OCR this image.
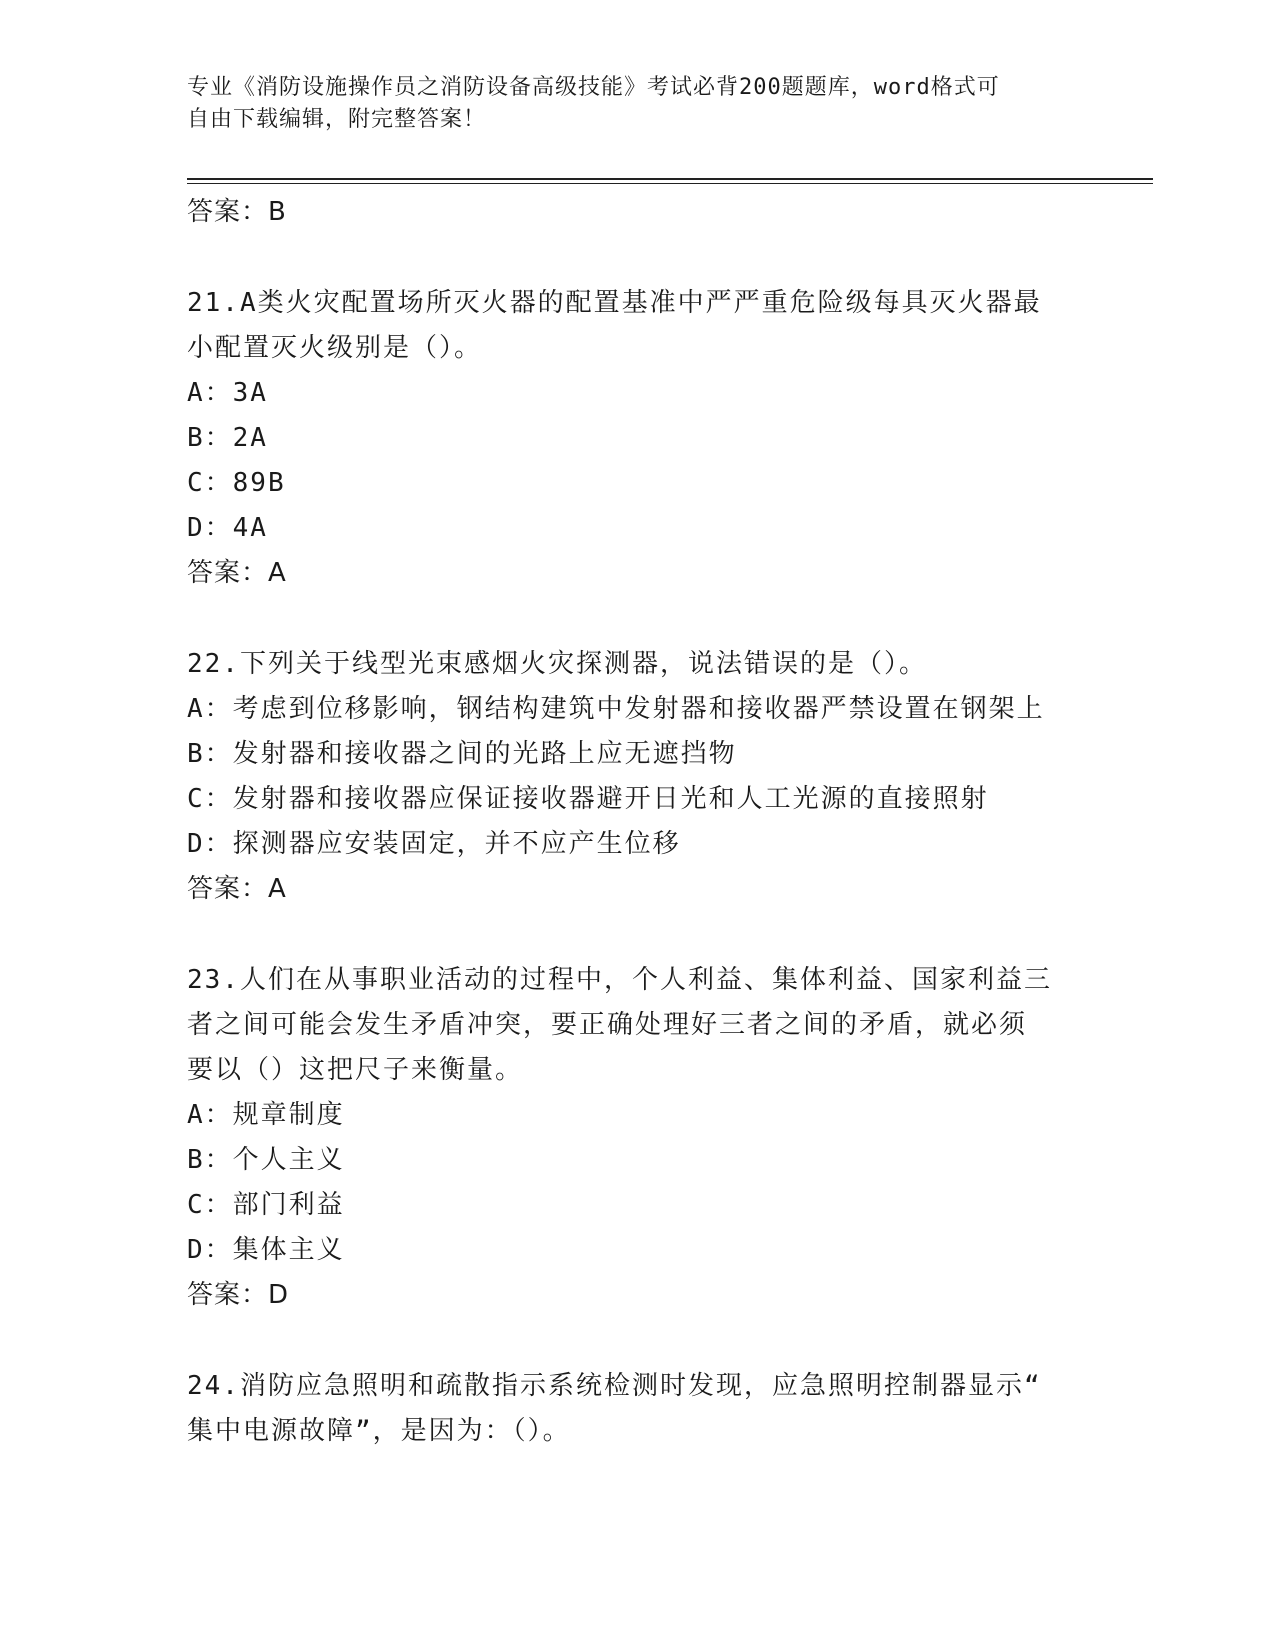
专业《消防设施操作员之消防设备高级技能》考试必背200题题库，word格式可
自由下载编辑，附完整答案！
答案：B
21.A类火灾配置场所灭火器的配置基准中严严重危险级每具灭火器最
小配置灭火级别是（）。
A：3A
B：2A
C：89B
D：4A
答案：A
22.下列关于线型光束感烟火灾探测器，说法错误的是（）。
A：考虑到位移影响，钢结构建筑中发射器和接收器严禁设置在钢架上
B：发射器和接收器之间的光路上应无遮挡物
C：发射器和接收器应保证接收器避开日光和人工光源的直接照射
D：探测器应安装固定，并不应产生位移
答案：A
23.人们在从事职业活动的过程中，个人利益、集体利益、国家利益三
者之间可能会发生矛盾冲突，要正确处理好三者之间的矛盾，就必须
要以（）这把尺子来衡量。
A：规章制度
B：个人主义
C：部门利益
D：集体主义
答案：D
24.消防应急照明和疏散指示系统检测时发现，应急照明控制器显示“
集中电源故障”，是因为：（）。
